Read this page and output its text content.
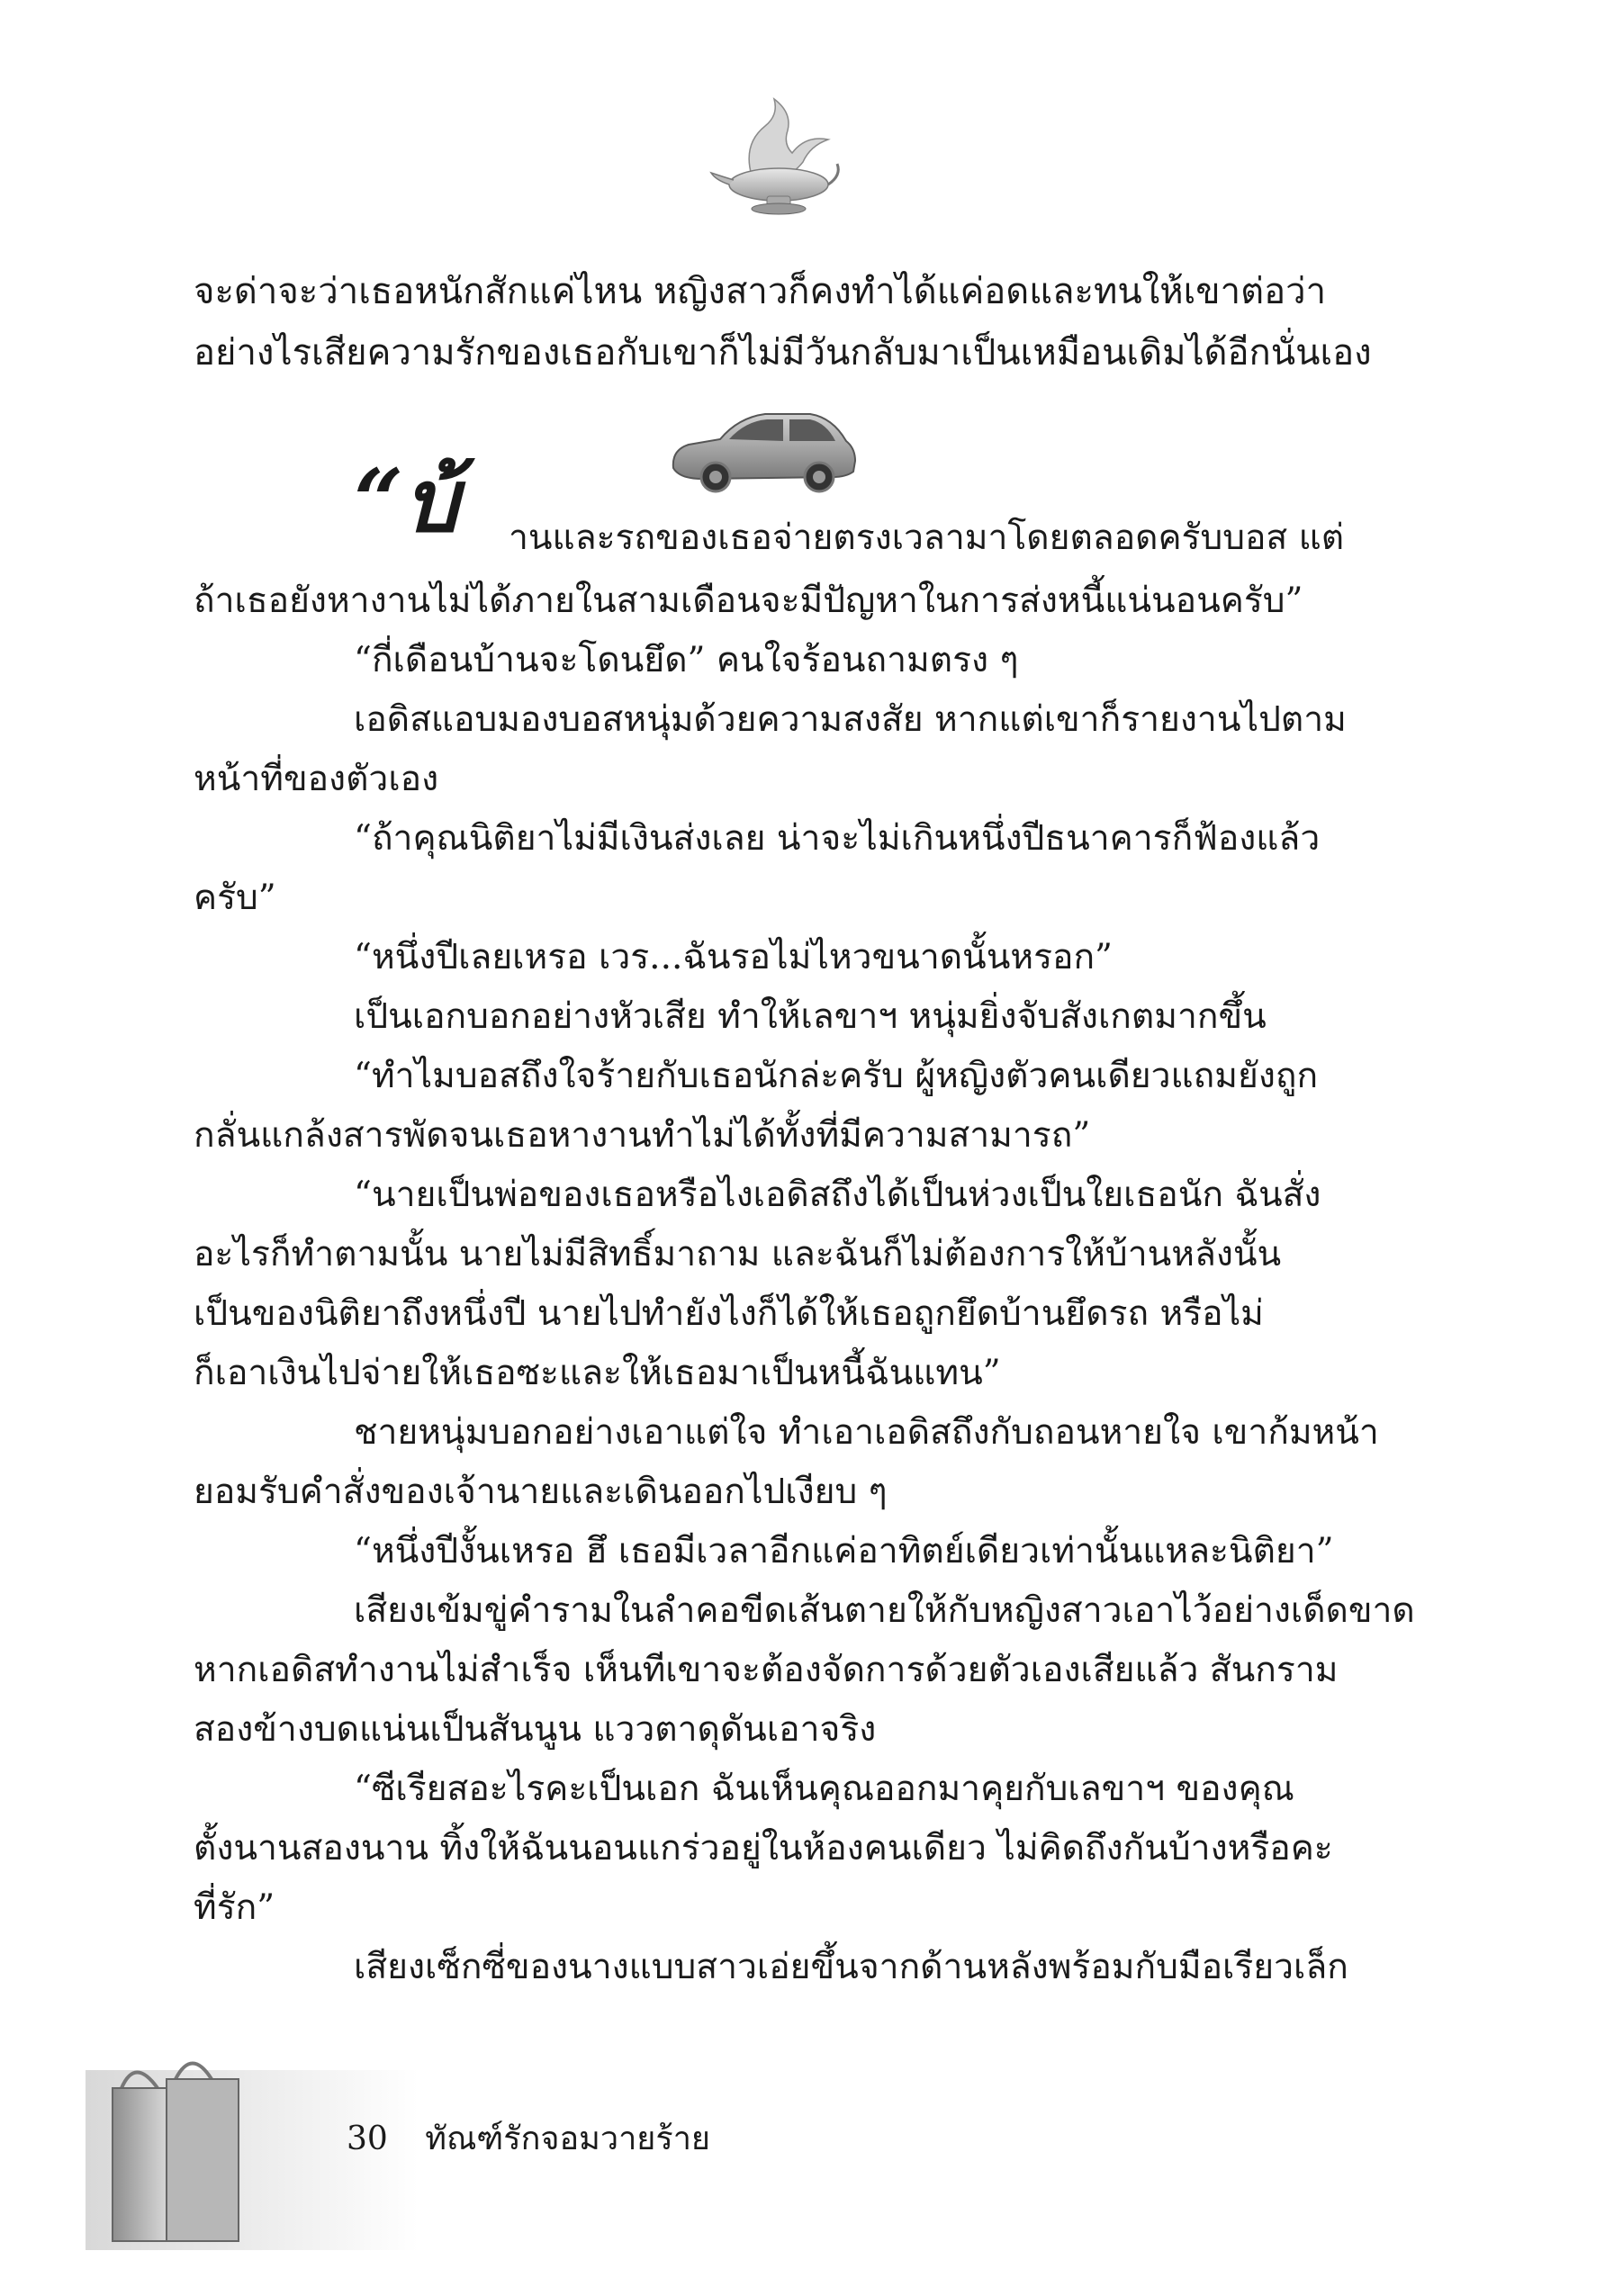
จะด่าจะว่าเธอหนักสักแค่ไหน หญิงสาวก็คงทำได้แค่อดและทนให้เขาต่อว่า
อย่างไรเสียความรักของเธอกับเขาก็ไม่มีวันกลับมาเป็นเหมือนเดิมได้อีกนั่นเอง
“บ้ านและรถของเธอจ่ายตรงเวลามาโดยตลอดครับบอส แต่
ถ้าเธอยังหางานไม่ได้ภายในสามเดือนจะมีปัญหาในการส่งหนี้แน่นอนครับ”
“กี่เดือนบ้านจะโดนยึด” คนใจร้อนถามตรง ๆ
เอดิสแอบมองบอสหนุ่มด้วยความสงสัย หากแต่เขาก็รายงานไปตาม
หน้าที่ของตัวเอง
“ถ้าคุณนิติยาไม่มีเงินส่งเลย น่าจะไม่เกินหนึ่งปีธนาคารก็ฟ้องแล้ว
ครับ”
“หนึ่งปีเลยเหรอ เวร...ฉันรอไม่ไหวขนาดนั้นหรอก”
เป็นเอกบอกอย่างหัวเสีย ทำให้เลขาฯ หนุ่มยิ่งจับสังเกตมากขึ้น
“ทำไมบอสถึงใจร้ายกับเธอนักล่ะครับ ผู้หญิงตัวคนเดียวแถมยังถูก
กลั่นแกล้งสารพัดจนเธอหางานทำไม่ได้ทั้งที่มีความสามารถ”
“นายเป็นพ่อของเธอหรือไงเอดิสถึงได้เป็นห่วงเป็นใยเธอนัก ฉันสั่ง
อะไรก็ทำตามนั้น นายไม่มีสิทธิ์มาถาม และฉันก็ไม่ต้องการให้บ้านหลังนั้น
เป็นของนิติยาถึงหนึ่งปี นายไปทำยังไงก็ได้ให้เธอถูกยึดบ้านยึดรถ หรือไม่
ก็เอาเงินไปจ่ายให้เธอซะและให้เธอมาเป็นหนี้ฉันแทน”
ชายหนุ่มบอกอย่างเอาแต่ใจ ทำเอาเอดิสถึงกับถอนหายใจ เขาก้มหน้า
ยอมรับคำสั่งของเจ้านายและเดินออกไปเงียบ ๆ
“หนึ่งปีงั้นเหรอ ฮึ เธอมีเวลาอีกแค่อาทิตย์เดียวเท่านั้นแหละนิติยา”
เสียงเข้มขู่คำรามในลำคอขีดเส้นตายให้กับหญิงสาวเอาไว้อย่างเด็ดขาด
หากเอดิสทำงานไม่สำเร็จ เห็นทีเขาจะต้องจัดการด้วยตัวเองเสียแล้ว สันกราม
สองข้างบดแน่นเป็นสันนูน แววตาดุดันเอาจริง
“ซีเรียสอะไรคะเป็นเอก ฉันเห็นคุณออกมาคุยกับเลขาฯ ของคุณ
ตั้งนานสองนาน ทิ้งให้ฉันนอนแกร่วอยู่ในห้องคนเดียว ไม่คิดถึงกันบ้างหรือคะ
ที่รัก”
เสียงเซ็กซี่ของนางแบบสาวเอ่ยขึ้นจากด้านหลังพร้อมกับมือเรียวเล็ก
30 ทัณฑ์รักจอมวายร้าย
